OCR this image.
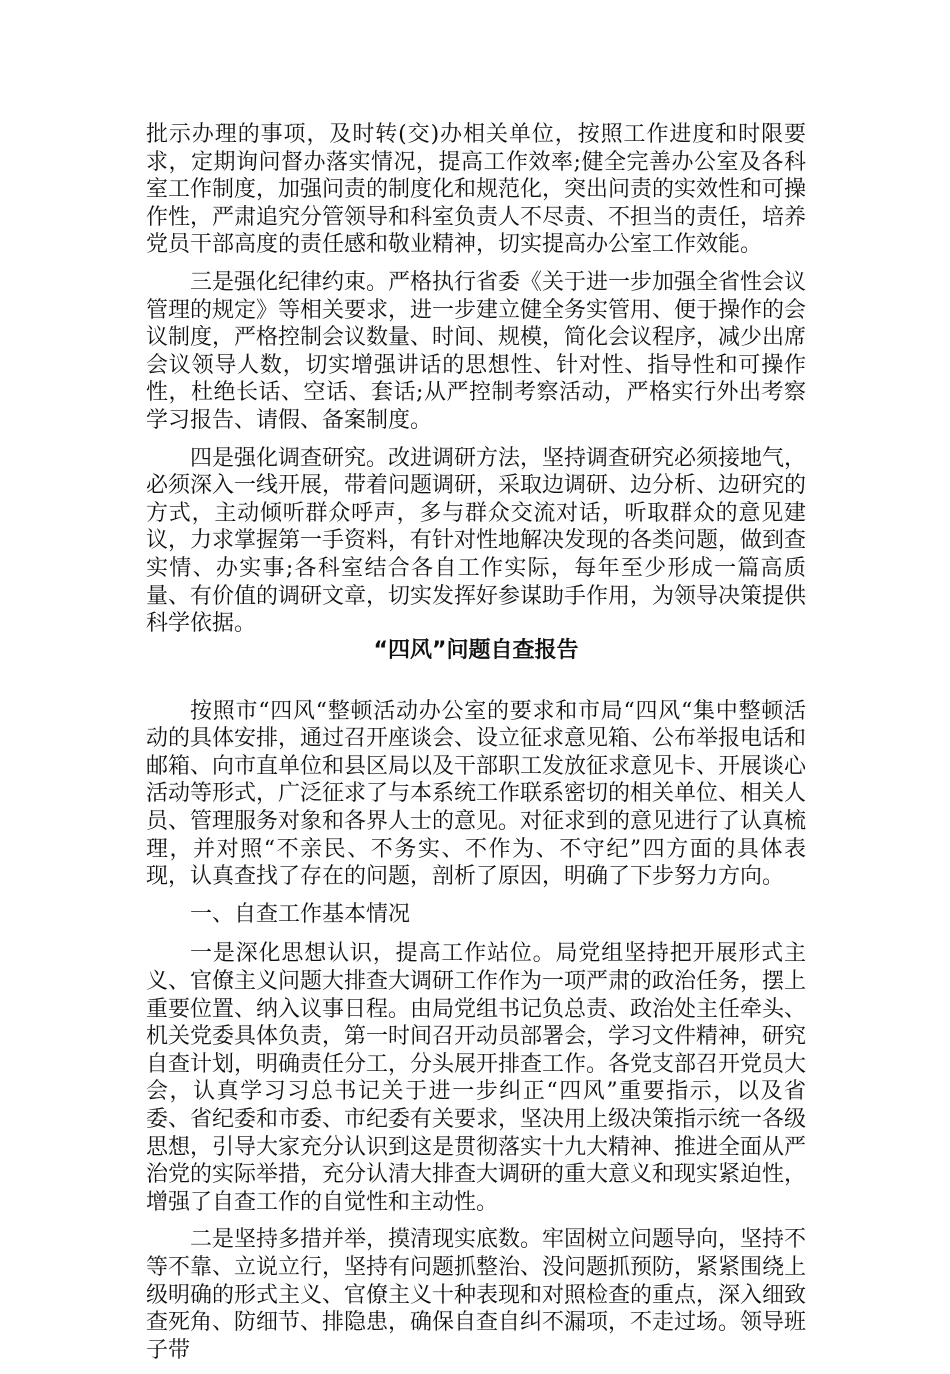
批示办理的事项，及时转(交)办相关单位，按照工作进度和时限要求，定期询问督办落实情况，提高工作效率;健全完善办公室及各科室工作制度，加强问责的制度化和规范化，突出问责的实效性和可操作性，严肃追究分管领导和科室负责人不尽责、不担当的责任，培养党员干部高度的责任感和敬业精神，切实提高办公室工作效能。

三是强化纪律约束。严格执行省委《关于进一步加强全省性会议管理的规定》等相关要求，进一步建立健全务实管用、便于操作的会议制度，严格控制会议数量、时间、规模，简化会议程序，减少出席会议领导人数，切实增强讲话的思想性、针对性、指导性和可操作性，杜绝长话、空话、套话;从严控制考察活动，严格实行外出考察学习报告、请假、备案制度。

四是强化调查研究。改进调研方法，坚持调查研究必须接地气，必须深入一线开展，带着问题调研，采取边调研、边分析、边研究的方式，主动倾听群众呼声，多与群众交流对话，听取群众的意见建议，力求掌握第一手资料，有针对性地解决发现的各类问题，做到查实情、办实事;各科室结合各自工作实际，每年至少形成一篇高质量、有价值的调研文章，切实发挥好参谋助手作用，为领导决策提供科学依据。

“四风”问题自查报告

按照市“四风“整顿活动办公室的要求和市局“四风“集中整顿活动的具体安排，通过召开座谈会、设立征求意见箱、公布举报电话和邮箱、向市直单位和县区局以及干部职工发放征求意见卡、开展谈心活动等形式，广泛征求了与本系统工作联系密切的相关单位、相关人员、管理服务对象和各界人士的意见。对征求到的意见进行了认真梳理，并对照“不亲民、不务实、不作为、不守纪”四方面的具体表现，认真查找了存在的问题，剖析了原因，明确了下步努力方向。

一、自查工作基本情况

一是深化思想认识，提高工作站位。局党组坚持把开展形式主义、官僚主义问题大排查大调研工作作为一项严肃的政治任务，摆上重要位置、纳入议事日程。由局党组书记负总责、政治处主任牵头、机关党委具体负责，第一时间召开动员部署会，学习文件精神，研究自查计划，明确责任分工，分头展开排查工作。各党支部召开党员大会，认真学习习总书记关于进一步纠正“四风”重要指示，以及省委、省纪委和市委、市纪委有关要求，坚决用上级决策指示统一各级思想，引导大家充分认识到这是贯彻落实十九大精神、推进全面从严治党的实际举措，充分认清大排查大调研的重大意义和现实紧迫性，增强了自查工作的自觉性和主动性。

二是坚持多措并举，摸清现实底数。牢固树立问题导向，坚持不等不靠、立说立行，坚持有问题抓整治、没问题抓预防，紧紧围绕上级明确的形式主义、官僚主义十种表现和对照检查的重点，深入细致查死角、防细节、排隐患，确保自查自纠不漏项，不走过场。领导班子带
